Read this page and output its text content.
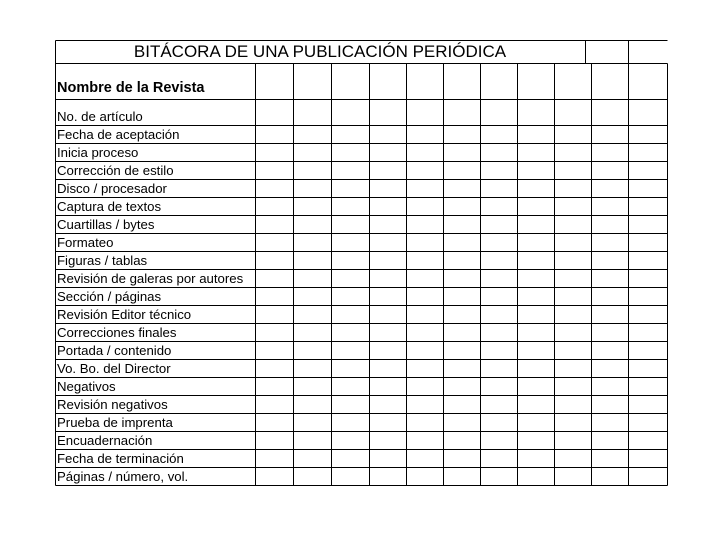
BITÁCORA DE UNA PUBLICACIÓN PERIÓDICA
Nombre de la Revista
No. de artículo
Fecha de aceptación
Inicia proceso
Corrección de estilo
Disco / procesador
Captura de textos
Cuartillas / bytes
Formateo
Figuras / tablas
Revisión de galeras por autores
Sección / páginas
Revisión Editor técnico
Correcciones finales
Portada / contenido
Vo. Bo. del Director
Negativos
Revisión negativos
Prueba de imprenta
Encuadernación
Fecha de terminación
Páginas / número, vol.
